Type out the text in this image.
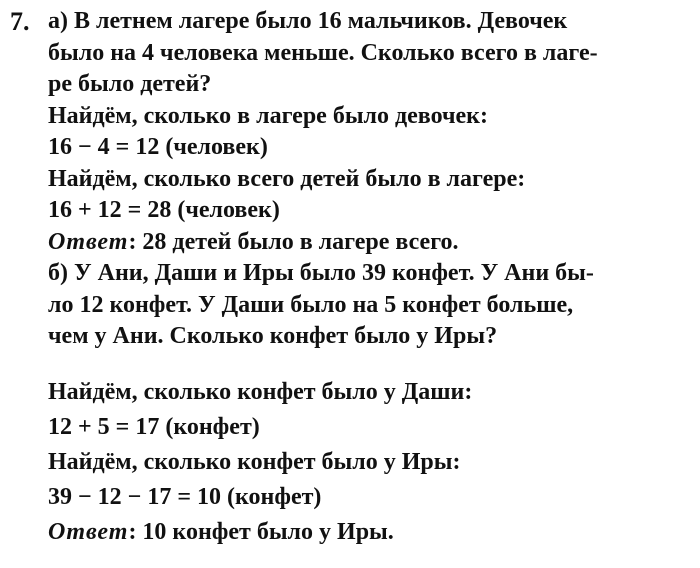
7. а) В летнем лагере было 16 мальчиков. Девочек
было на 4 человека меньше. Сколько всего в лаге-
ре было детей?
Найдём, сколько в лагере было девочек:
16 − 4 = 12 (человек)
Найдём, сколько всего детей было в лагере:
16 + 12 = 28 (человек)
Ответ: 28 детей было в лагере всего.
б) У Ани, Даши и Иры было 39 конфет. У Ани бы-
ло 12 конфет. У Даши было на 5 конфет больше,
чем у Ани. Сколько конфет было у Иры?
Найдём, сколько конфет было у Даши:
12 + 5 = 17 (конфет)
Найдём, сколько конфет было у Иры:
39 − 12 − 17 = 10 (конфет)
Ответ: 10 конфет было у Иры.
